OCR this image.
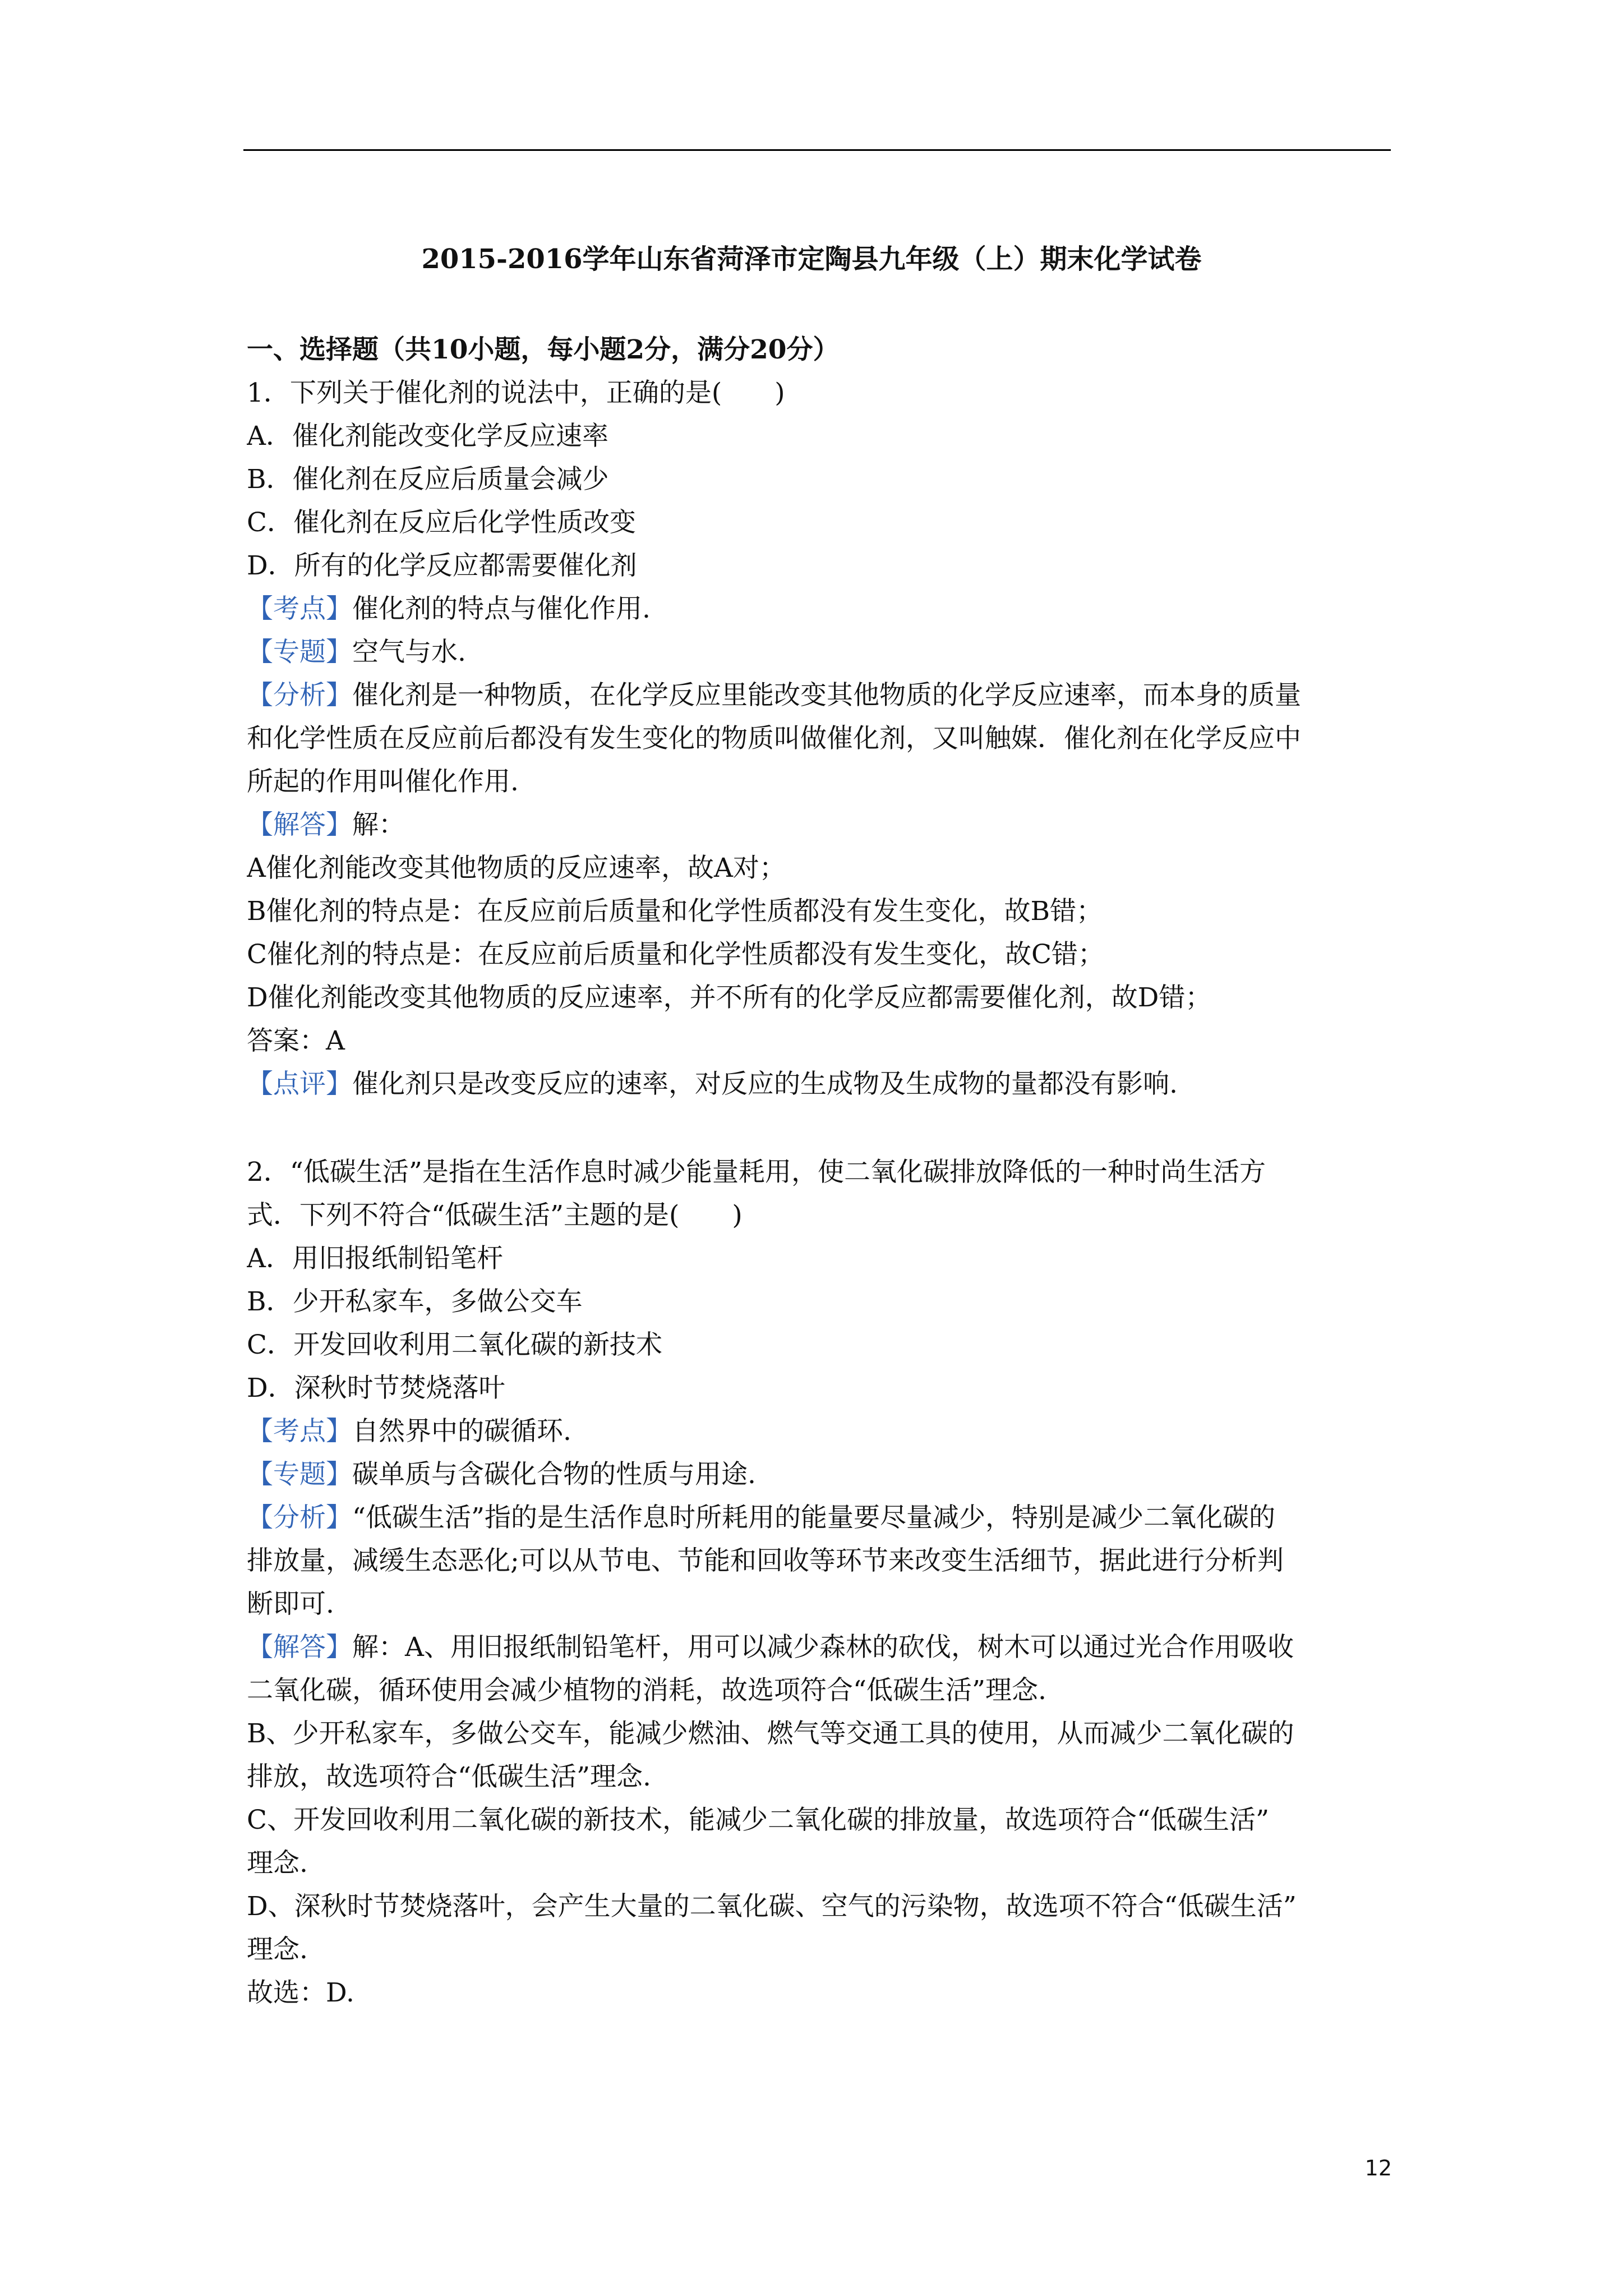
2015-2016学年山东省菏泽市定陶县九年级（上）期末化学试卷
一、选择题（共10小题，每小题2分，满分20分）
1．下列关于催化剂的说法中，正确的是(　　)
A．催化剂能改变化学反应速率
B．催化剂在反应后质量会减少
C．催化剂在反应后化学性质改变
D．所有的化学反应都需要催化剂
【考点】催化剂的特点与催化作用.
【专题】空气与水.
【分析】催化剂是一种物质，在化学反应里能改变其他物质的化学反应速率，而本身的质量
和化学性质在反应前后都没有发生变化的物质叫做催化剂，又叫触媒．催化剂在化学反应中
所起的作用叫催化作用.
【解答】解：
A催化剂能改变其他物质的反应速率，故A对；
B催化剂的特点是：在反应前后质量和化学性质都没有发生变化，故B错；
C催化剂的特点是：在反应前后质量和化学性质都没有发生变化，故C错；
D催化剂能改变其他物质的反应速率，并不所有的化学反应都需要催化剂，故D错；
答案：A
【点评】催化剂只是改变反应的速率，对反应的生成物及生成物的量都没有影响.
2．“低碳生活”是指在生活作息时减少能量耗用，使二氧化碳排放降低的一种时尚生活方
式．下列不符合“低碳生活”主题的是(　　)
A．用旧报纸制铅笔杆
B．少开私家车，多做公交车
C．开发回收利用二氧化碳的新技术
D．深秋时节焚烧落叶
【考点】自然界中的碳循环.
【专题】碳单质与含碳化合物的性质与用途.
【分析】“低碳生活”指的是生活作息时所耗用的能量要尽量减少，特别是减少二氧化碳的
排放量，减缓生态恶化;可以从节电、节能和回收等环节来改变生活细节，据此进行分析判
断即可.
【解答】解：A、用旧报纸制铅笔杆，用可以减少森林的砍伐，树木可以通过光合作用吸收
二氧化碳，循环使用会减少植物的消耗，故选项符合“低碳生活”理念.
B、少开私家车，多做公交车，能减少燃油、燃气等交通工具的使用，从而减少二氧化碳的
排放，故选项符合“低碳生活”理念.
C、开发回收利用二氧化碳的新技术，能减少二氧化碳的排放量，故选项符合“低碳生活”
理念.
D、深秋时节焚烧落叶，会产生大量的二氧化碳、空气的污染物，故选项不符合“低碳生活”
理念.
故选：D.
12
